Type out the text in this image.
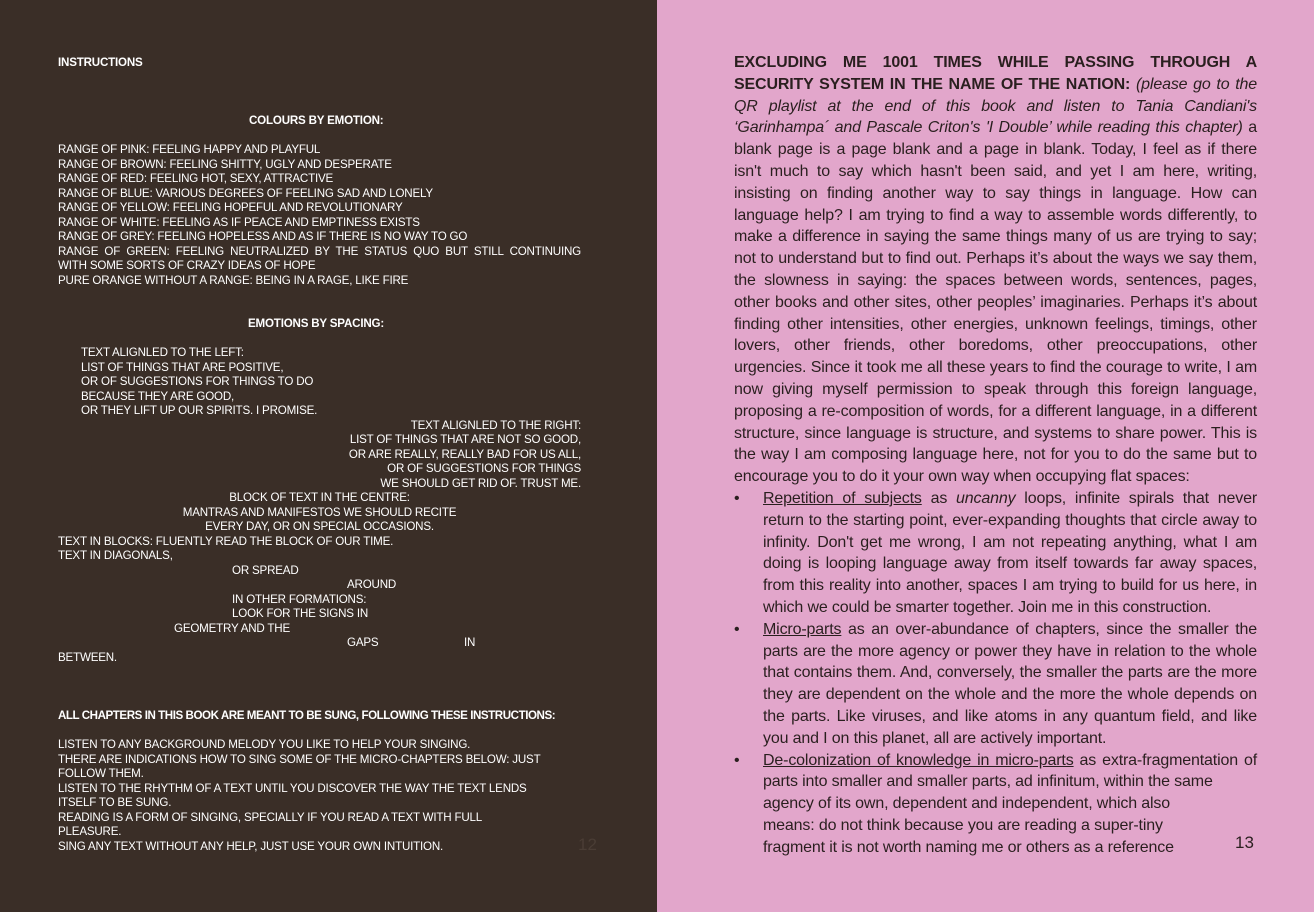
INSTRUCTIONS
COLOURS BY EMOTION:
RANGE OF PINK: FEELING HAPPY AND PLAYFUL
RANGE OF BROWN: FEELING SHITTY, UGLY AND DESPERATE
RANGE OF RED: FEELING HOT, SEXY, ATTRACTIVE
RANGE OF BLUE: VARIOUS DEGREES OF FEELING SAD AND LONELY
RANGE OF YELLOW: FEELING HOPEFUL AND REVOLUTIONARY
RANGE OF WHITE: FEELING AS IF PEACE AND EMPTINESS EXISTS
RANGE OF GREY: FEELING HOPELESS AND AS IF THERE IS NO WAY TO GO
RANGE OF GREEN: FEELING NEUTRALIZED BY THE STATUS QUO BUT STILL CONTINUING
WITH SOME SORTS OF CRAZY IDEAS OF HOPE
PURE ORANGE WITHOUT A RANGE: BEING IN A RAGE, LIKE FIRE
EMOTIONS BY SPACING:
TEXT ALIGNLED TO THE LEFT:
LIST OF THINGS THAT ARE POSITIVE,
OR OF SUGGESTIONS FOR THINGS TO DO
BECAUSE THEY ARE GOOD,
OR THEY LIFT UP OUR SPIRITS. I PROMISE.
TEXT ALIGNLED TO THE RIGHT:
LIST OF THINGS THAT ARE NOT SO GOOD,
OR ARE REALLY, REALLY BAD FOR US ALL,
OR OF SUGGESTIONS FOR THINGS
WE SHOULD GET RID OF. TRUST ME.
BLOCK OF TEXT IN THE CENTRE:
MANTRAS AND MANIFESTOS WE SHOULD RECITE
EVERY DAY, OR ON SPECIAL OCCASIONS.
TEXT IN BLOCKS: FLUENTLY READ THE BLOCK OF OUR TIME.
TEXT IN DIAGONALS,
OR SPREAD
AROUND
IN OTHER FORMATIONS:
LOOK FOR THE SIGNS IN
GEOMETRY AND THE
GAPS	IN
BETWEEN.
ALL CHAPTERS IN THIS BOOK ARE MEANT TO BE SUNG, FOLLOWING THESE INSTRUCTIONS:
LISTEN TO ANY BACKGROUND MELODY YOU LIKE TO HELP YOUR SINGING.
THERE ARE INDICATIONS HOW TO SING SOME OF THE MICRO-CHAPTERS BELOW: JUST
FOLLOW THEM.
LISTEN TO THE RHYTHM OF A TEXT UNTIL YOU DISCOVER THE WAY THE TEXT LENDS
ITSELF TO BE SUNG.
READING IS A FORM OF SINGING, SPECIALLY IF YOU READ A TEXT WITH FULL
PLEASURE.
SING ANY TEXT WITHOUT ANY HELP, JUST USE YOUR OWN INTUITION.	12

EXCLUDING ME 1001 TIMES WHILE PASSING THROUGH A SECURITY SYSTEM IN THE NAME OF THE NATION: (please go to the QR playlist at the end of this book and listen to Tania Candiani's ‘Garinhampa´ and Pascale Criton's 'I Double’ while reading this chapter) a blank page is a page blank and a page in blank. Today, I feel as if there isn't much to say which hasn't been said, and yet I am here, writing, insisting on finding another way to say things in language. How can language help? I am trying to find a way to assemble words differently, to make a difference in saying the same things many of us are trying to say; not to understand but to find out. Perhaps it’s about the ways we say them, the slowness in saying: the spaces between words, sentences, pages, other books and other sites, other peoples’ imaginaries. Perhaps it’s about finding other intensities, other energies, unknown feelings, timings, other lovers, other friends, other boredoms, other preoccupations, other urgencies. Since it took me all these years to find the courage to write, I am now giving myself permission to speak through this foreign language, proposing a re-composition of words, for a different language, in a different structure, since language is structure, and systems to share power. This is the way I am composing language here, not for you to do the same but to encourage you to do it your own way when occupying flat spaces:

• Repetition of subjects as uncanny loops, infinite spirals that never return to the starting point, ever-expanding thoughts that circle away to infinity. Don't get me wrong, I am not repeating anything, what I am doing is looping language away from itself towards far away spaces, from this reality into another, spaces I am trying to build for us here, in which we could be smarter together. Join me in this construction.
• Micro-parts as an over-abundance of chapters, since the smaller the parts are the more agency or power they have in relation to the whole that contains them. And, conversely, the smaller the parts are the more they are dependent on the whole and the more the whole depends on the parts. Like viruses, and like atoms in any quantum field, and like you and I on this planet, all are actively important.
• De-colonization of knowledge in micro-parts as extra-fragmentation of parts into smaller and smaller parts, ad infinitum, within the same
agency of its own, dependent and independent, which also
means: do not think because you are reading a super-tiny
fragment it is not worth naming me or others as a reference	13
